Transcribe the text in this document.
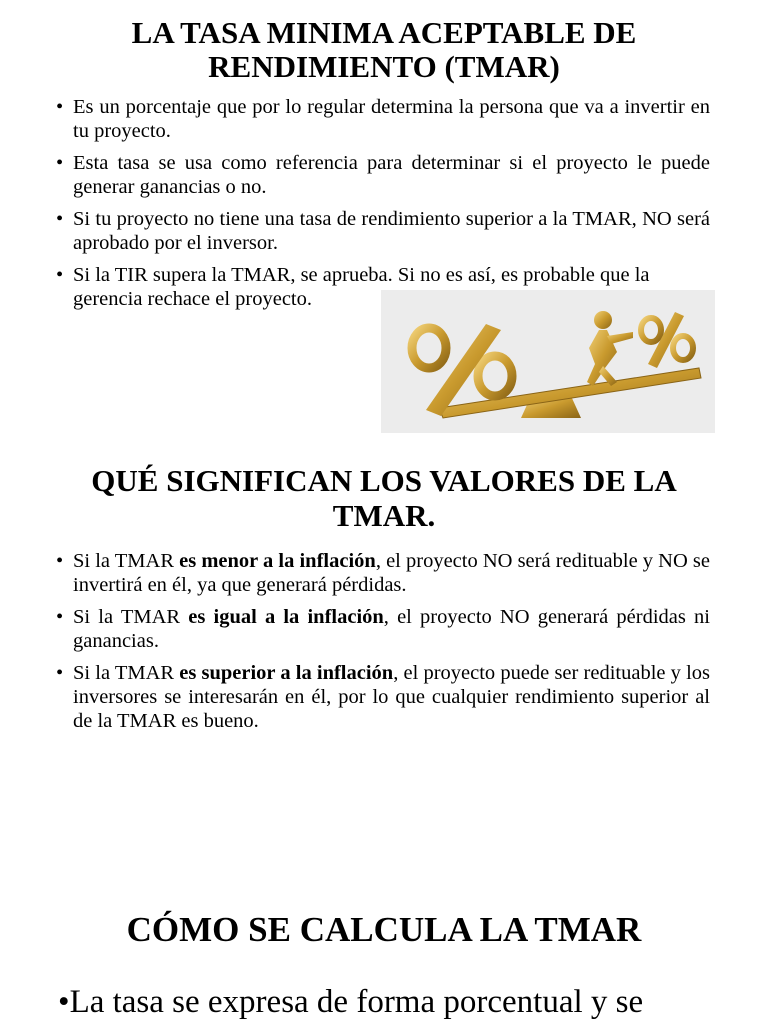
LA TASA MINIMA ACEPTABLE DE
RENDIMIENTO (TMAR)
• Es un porcentaje que por lo regular determina la persona que va a invertir en tu proyecto.
• Esta tasa se usa como referencia para determinar si el proyecto le puede generar ganancias o no.
• Si tu proyecto no tiene una tasa de rendimiento superior a la TMAR, NO será aprobado por el inversor.
• Si la TIR supera la TMAR, se aprueba. Si no es así, es probable que la
gerencia rechace el proyecto.
QUÉ SIGNIFICAN LOS VALORES DE LA
TMAR.
• Si la TMAR es menor a la inflación, el proyecto NO será redituable y NO se invertirá en él, ya que generará pérdidas.
• Si la TMAR es igual a la inflación, el proyecto NO generará pérdidas ni ganancias.
• Si la TMAR es superior a la inflación, el proyecto puede ser redituable y los inversores se interesarán en él, por lo que cualquier rendimiento superior al de la TMAR es bueno.
CÓMO SE CALCULA LA TMAR

•La tasa se expresa de forma porcentual y se
